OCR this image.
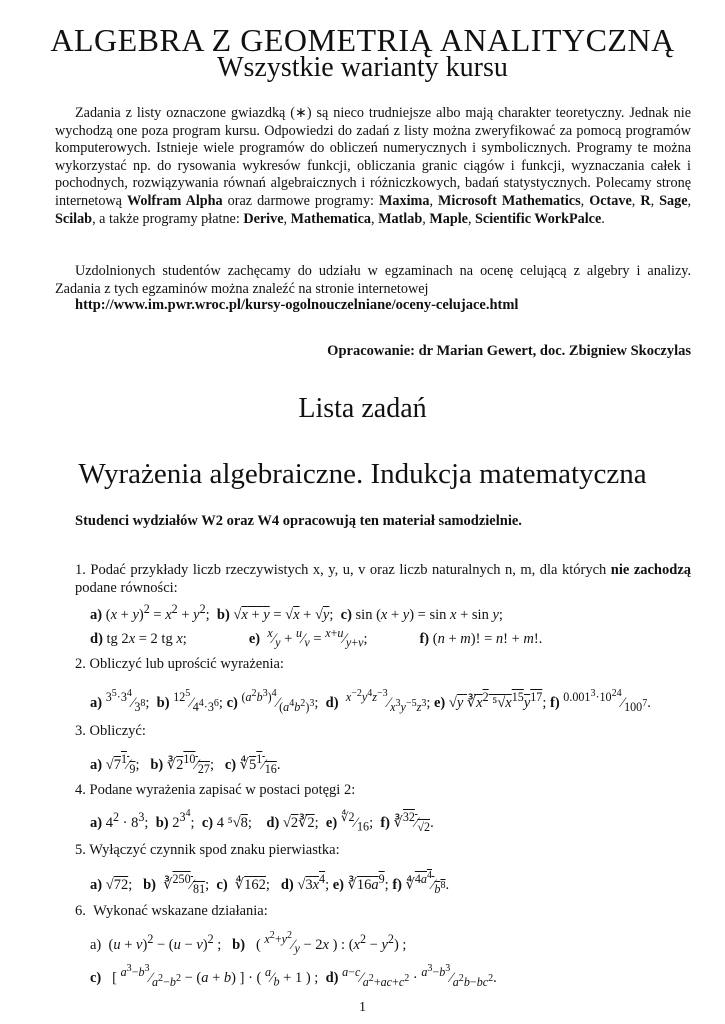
ALGEBRA Z GEOMETRIĄ ANALITYCZNĄ
Wszystkie warianty kursu
Zadania z listy oznaczone gwiazdką (∗) są nieco trudniejsze albo mają charakter teoretyczny. Jednak nie wychodzą one poza program kursu. Odpowiedzi do zadań z listy można zweryfikować za pomocą programów komputerowych. Istnieje wiele programów do obliczeń numerycznych i symbolicznych. Programy te można wykorzystać np. do rysowania wykresów funkcji, obliczania granic ciągów i funkcji, wyznaczania całek i pochodnych, rozwiązywania równań algebraicznych i różniczkowych, badań statystycznych. Polecamy stronę internetową Wolfram Alpha oraz darmowe programy: Maxima, Microsoft Mathematics, Octave, R, Sage, Scilab, a także programy płatne: Derive, Mathematica, Matlab, Maple, Scientific WorkPalce.
Uzdolnionych studentów zachęcamy do udziału w egzaminach na ocenę celującą z algebry i analizy. Zadania z tych egzaminów można znaleźć na stronie internetowej
http://www.im.pwr.wroc.pl/kursy-ogolnouczelniane/oceny-celujace.html
Opracowanie: dr Marian Gewert, doc. Zbigniew Skoczylas
Lista zadań
Wyrażenia algebraiczne. Indukcja matematyczna
Studenci wydziałów W2 oraz W4 opracowują ten materiał samodzielnie.
1. Podać przykłady liczb rzeczywistych x, y, u, v oraz liczb naturalnych n, m, dla których nie zachodzą podane równości:
a) $(x + y)^2 = x^2 + y^2$;  b) √x + y = √x + √y;  c) sin (x + y) = sin x + sin y;
d) tg 2x = 2 tg x;	e) $^x⁄_y$ + $^u⁄_v$ = $^{x+u}⁄_{y+v}$;	f) (n + m)! = n! + m!.
2. Obliczyć lub uprościć wyrażenia:
a) $^{3^5\cdot 3^4}⁄_{3^8}$;  b) $^{12^5}⁄_{4^4\cdot 3^6}$; c) $^{(a^2b^3)^4}⁄_{(a^4b^2)^3}$;  d) $^{x^{-2}y^4z^{-3}}⁄_{x^3y^{-5}z^3}$; e) √y $∛x^2$ $^5√x^{15}y^{17}$; f) $^{0.001^3\cdot 10^{24}}⁄_{100^7}$.
3. Obliczyć:
a) $√7^1⁄_9$;   b) $∛2^{10}⁄_{27}$;   c) $∜5^1⁄_{16}$.
4. Podane wyrażenia zapisać w postaci potęgi 2:
a) $4^2 \cdot 8^3$;  b) $2^{3^4}$;  c) 4 ⁵√8;    d) √2∛2;  e) $^{∜2}⁄_{16}$;  f) $∛^{32}⁄_{√2}$.
5. Wyłączyć czynnik spod znaku pierwiastka:
a) √72;   b)  $∛^{250}⁄_{81}$;  c)  ∜162;   d) $√3x^4$; e) $∛16a^9$; f) $∜^{4a^4}⁄_{b^8}$.
6. Wykonać wskazane działania:
a)  $(u + v)^2 - (u - v)^2$ ;   b)   ( $^{x^2+y^2}⁄_y - 2x$ ) : $(x^2 - y^2)$ ;
c)   [ $^{a^3-b^3}⁄_{a^2-b^2} - (a + b)$ ] · ( $^a⁄_b + 1$ ) ;  d) $^{a-c}⁄_{a^2+ac+c^2}$ · $^{a^3-b^3}⁄_{a^2b-bc^2}$.
1
